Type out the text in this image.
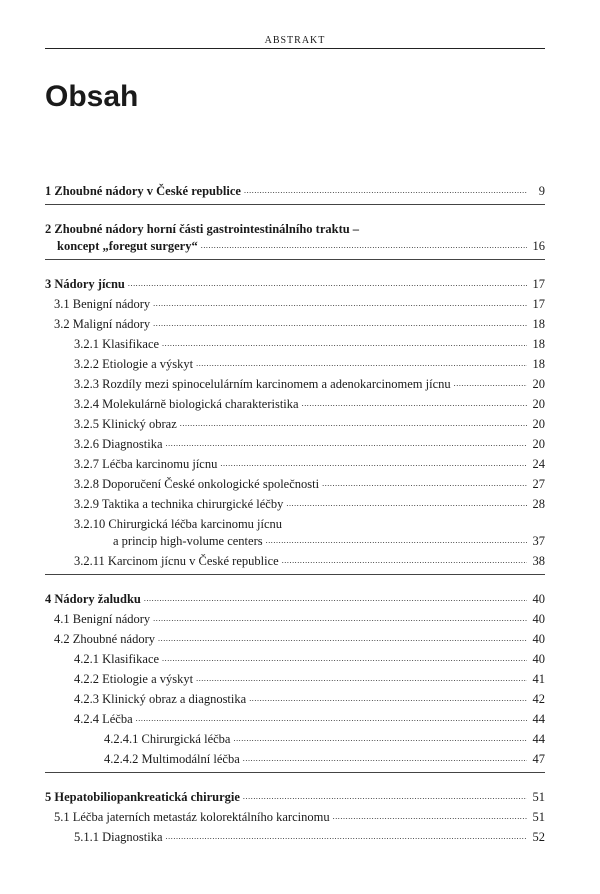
ABSTRAKT
Obsah
1 Zhoubné nádory v České republice .....	9
2 Zhoubné nádory horní části gastrointestinálního traktu –
koncept „foregut surgery“ .....	16
3 Nádory jícnu .....	17
3.1 Benigní nádory .....	17
3.2 Maligní nádory .....	18
3.2.1 Klasifikace .....	18
3.2.2 Etiologie a výskyt .....	18
3.2.3 Rozdíly mezi spinocelulárním karcinomem a adenokarcinomem jícnu .....	20
3.2.4 Molekulárně biologická charakteristika .....	20
3.2.5 Klinický obraz .....	20
3.2.6 Diagnostika .....	20
3.2.7 Léčba karcinomu jícnu .....	24
3.2.8 Doporučení České onkologické společnosti .....	27
3.2.9 Taktika a technika chirurgické léčby .....	28
3.2.10 Chirurgická léčba karcinomu jícnu
a princip high-volume centers .....	37
3.2.11 Karcinom jícnu v České republice .....	38
4 Nádory žaludku .....	40
4.1 Benigní nádory .....	40
4.2 Zhoubné nádory .....	40
4.2.1 Klasifikace .....	40
4.2.2 Etiologie a výskyt .....	41
4.2.3 Klinický obraz a diagnostika .....	42
4.2.4 Léčba .....	44
4.2.4.1 Chirurgická léčba .....	44
4.2.4.2 Multimodální léčba .....	47
5 Hepatobiliopankreatická chirurgie .....	51
5.1 Léčba jaterních metastáz kolorektálního karcinomu .....	51
5.1.1 Diagnostika .....	52
